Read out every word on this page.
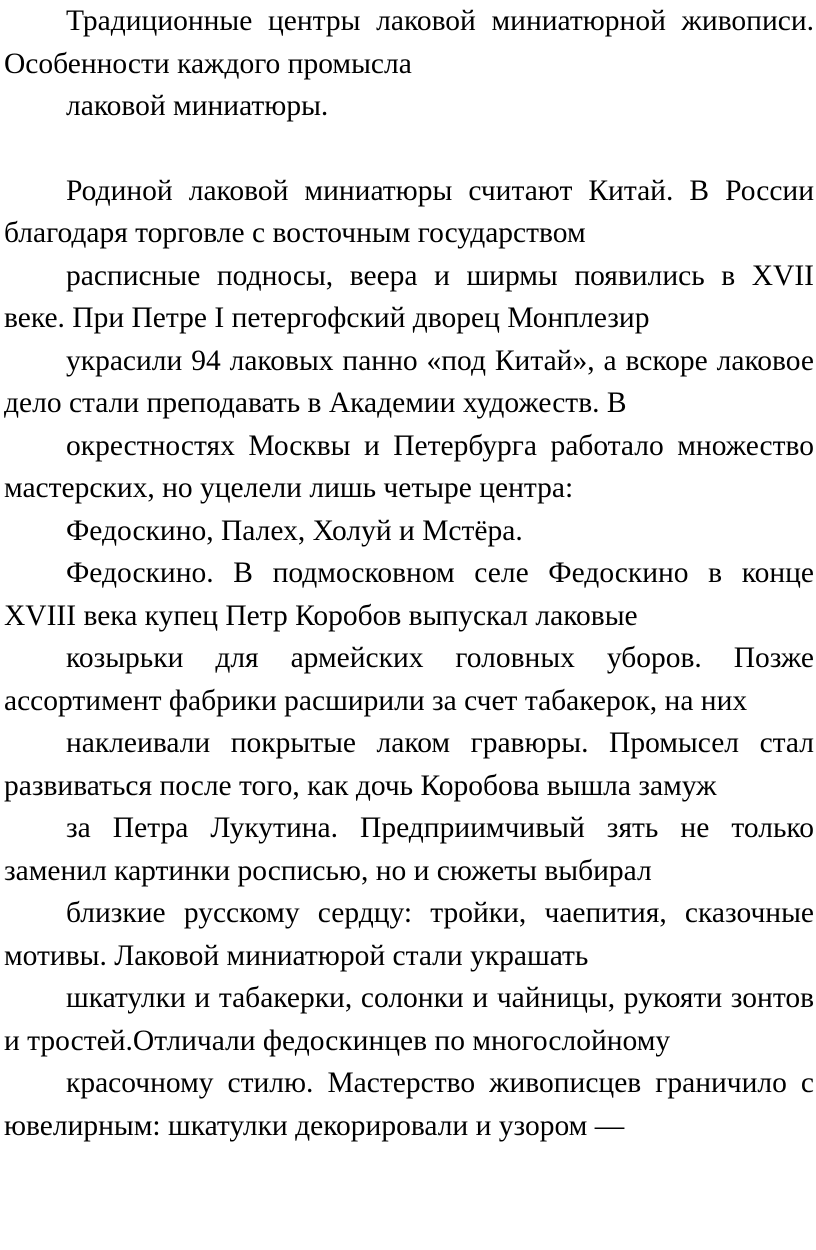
Традиционные центры лаковой миниатюрной живописи. Особенности каждого промысла

лаковой миниатюры.

Родиной лаковой миниатюры считают Китай. В России благодаря торговле с восточным государством

расписные подносы, веера и ширмы появились в XVII веке. При Петре I петергофский дворец Монплезир

украсили 94 лаковых панно «под Китай», а вскоре лаковое дело стали преподавать в Академии художеств. В

окрестностях Москвы и Петербурга работало множество мастерских, но уцелели лишь четыре центра:

Федоскино, Палех, Холуй и Мстёра.

Федоскино. В подмосковном селе Федоскино в конце XVIII века купец Петр Коробов выпускал лаковые

козырьки для армейских головных уборов. Позже ассортимент фабрики расширили за счет табакерок, на них

наклеивали покрытые лаком гравюры. Промысел стал развиваться после того, как дочь Коробова вышла замуж

за Петра Лукутина. Предприимчивый зять не только заменил картинки росписью, но и сюжеты выбирал

близкие русскому сердцу: тройки, чаепития, сказочные мотивы. Лаковой миниатюрой стали украшать

шкатулки и табакерки, солонки и чайницы, рукояти зонтов и тростей.Отличали федоскинцев по многослойному

красочному стилю. Мастерство живописцев граничило с ювелирным: шкатулки декорировали и узором —
